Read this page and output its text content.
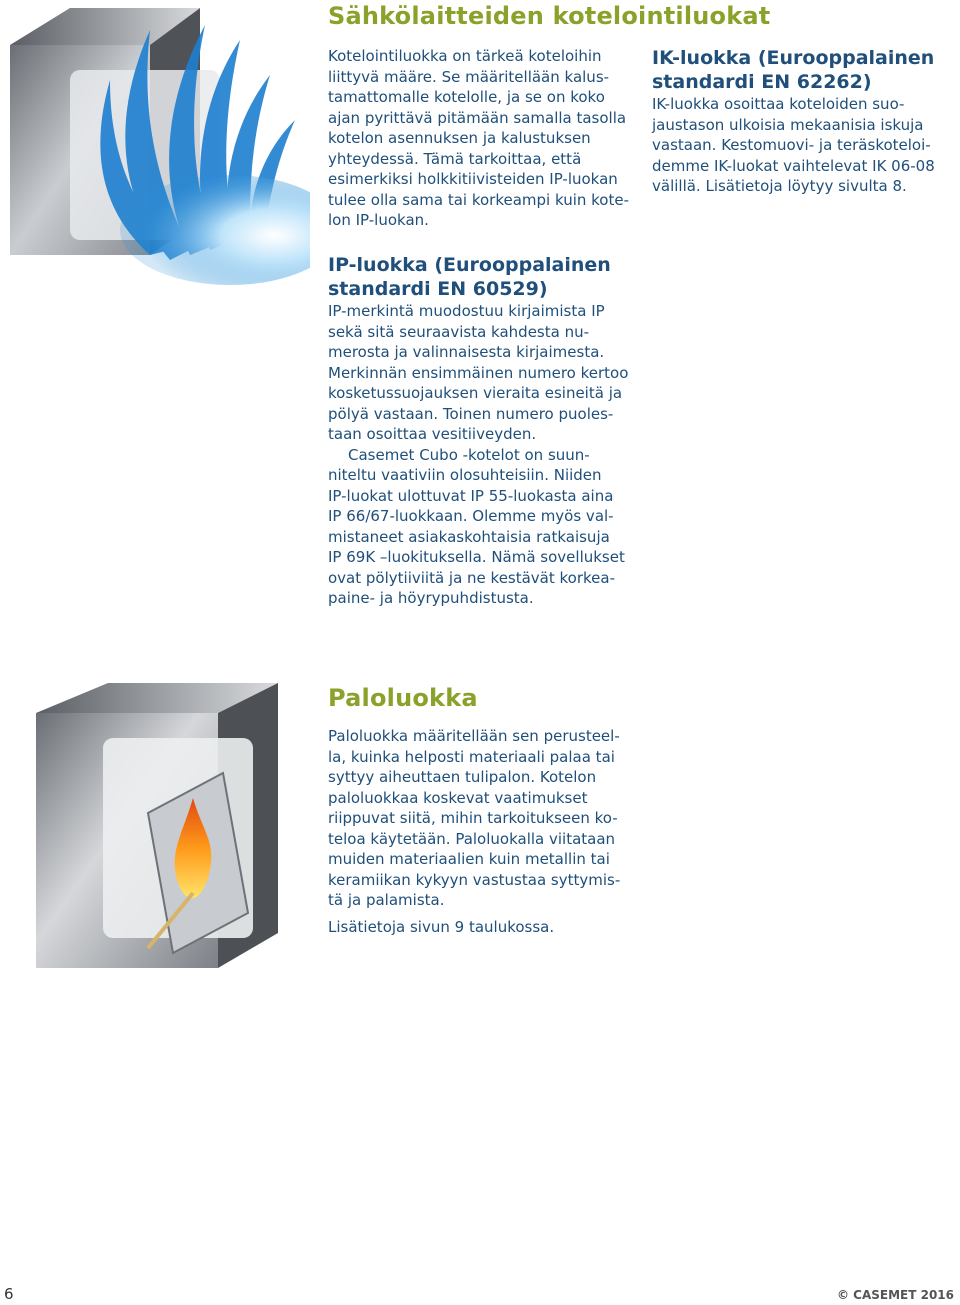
Sähkölaitteiden kotelointiluokat

Kotelointiluokka on tärkeä koteloihin

liittyvä määre. Se määritellään kalus-

tamattomalle kotelolle, ja se on koko

ajan pyrittävä pitämään samalla tasolla

kotelon asennuksen ja kalustuksen

yhteydessä. Tämä tarkoittaa, että

esimerkiksi holkkitiivisteiden IP-luokan

tulee olla sama tai korkeampi kuin kote-

lon IP-luokan.

IK-luokka (Eurooppalainen

standardi EN 62262)

IK-luokka osoittaa koteloiden suo-

jaustason ulkoisia mekaanisia iskuja

vastaan. Kestomuovi- ja teräskoteloi-

demme IK-luokat vaihtelevat IK 06-08

välillä. Lisätietoja löytyy sivulta 8.

IP-luokka (Eurooppalainen

standardi EN 60529)

IP-merkintä muodostuu kirjaimista IP

sekä sitä seuraavista kahdesta nu-

merosta ja valinnaisesta kirjaimesta.

Merkinnän ensimmäinen numero kertoo

kosketussuojauksen vieraita esineitä ja

pölyä vastaan. Toinen numero puoles-

taan osoittaa vesitiiveyden.

Casemet Cubo -kotelot on suun-

niteltu vaativiin olosuhteisiin. Niiden

IP-luokat ulottuvat IP 55-luokasta aina

IP 66/67-luokkaan. Olemme myös val-

mistaneet asiakaskohtaisia ratkaisuja

IP 69K –luokituksella. Nämä sovellukset

ovat pölytiiviitä ja ne kestävät korkea-

paine- ja höyrypuhdistusta.

Paloluokka

Paloluokka määritellään sen perusteel-

la, kuinka helposti materiaali palaa tai

syttyy aiheuttaen tulipalon. Kotelon

paloluokkaa koskevat vaatimukset

riippuvat siitä, mihin tarkoitukseen ko-

teloa käytetään. Paloluokalla viitataan

muiden materiaalien kuin metallin tai

keramiikan kykyyn vastustaa syttymis-

tä ja palamista.

Lisätietoja sivun 9 taulukossa.

6	© CASEMET 2016
